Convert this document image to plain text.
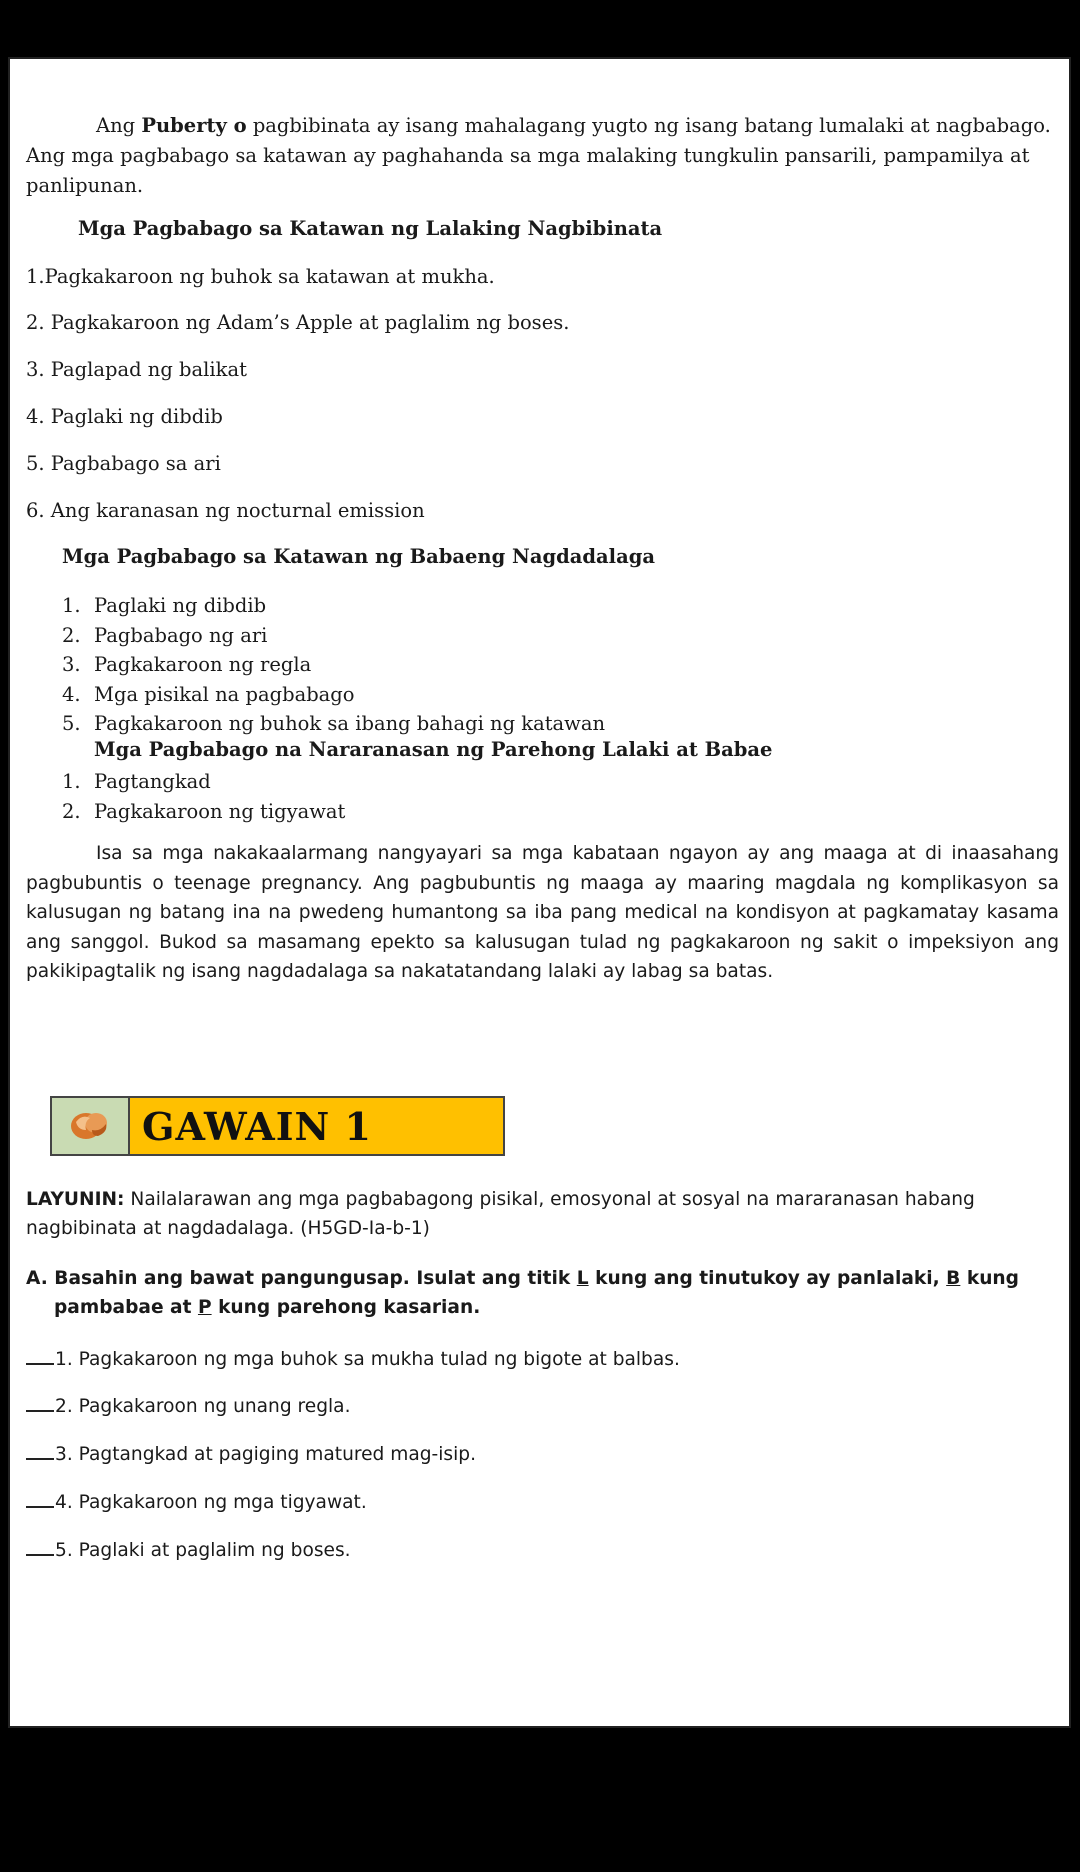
Ang Puberty o pagbibinata ay isang mahalagang yugto ng isang batang lumalaki at nagbabago. Ang mga pagbabago sa katawan ay paghahanda sa mga malaking tungkulin pansarili, pampamilya at panlipunan.

Mga Pagbabago sa Katawan ng Lalaking Nagbibinata

1.Pagkakaroon ng buhok sa katawan at mukha.

2. Pagkakaroon ng Adam’s Apple at paglalim ng boses.

3. Paglapad ng balikat

4. Paglaki ng dibdib

5. Pagbabago sa ari

6. Ang karanasan ng nocturnal emission

Mga Pagbabago sa Katawan ng Babaeng Nagdadalaga

1. Paglaki ng dibdib
2. Pagbabago ng ari
3. Pagkakaroon ng regla
4. Mga pisikal na pagbabago
5. Pagkakaroon ng buhok sa ibang bahagi ng katawan

Mga Pagbabago na Nararanasan ng Parehong Lalaki at Babae

1. Pagtangkad
2. Pagkakaroon ng tigyawat

Isa sa mga nakakaalarmang nangyayari sa mga kabataan ngayon ay ang maaga at di inaasahang pagbubuntis o teenage pregnancy. Ang pagbubuntis ng maaga ay maaring magdala ng komplikasyon sa kalusugan ng batang ina na pwedeng humantong sa iba pang medical na kondisyon at pagkamatay kasama ang sanggol. Bukod sa masamang epekto sa kalusugan tulad ng pagkakaroon ng sakit o impeksiyon ang pakikipagtalik ng isang nagdadalaga sa nakatatandang lalaki ay labag sa batas.

GAWAIN 1

LAYUNIN: Nailalarawan ang mga pagbabagong pisikal, emosyonal at sosyal na mararanasan habang nagbibinata at nagdadalaga. (H5GD-Ia-b-1)

A. Basahin ang bawat pangungusap. Isulat ang titik L kung ang tinutukoy ay panlalaki, B kung
pambabae at P kung parehong kasarian.

1. Pagkakaroon ng mga buhok sa mukha tulad ng bigote at balbas.

2. Pagkakaroon ng unang regla.

3. Pagtangkad at pagiging matured mag-isip.

4. Pagkakaroon ng mga tigyawat.

5. Paglaki at paglalim ng boses.
